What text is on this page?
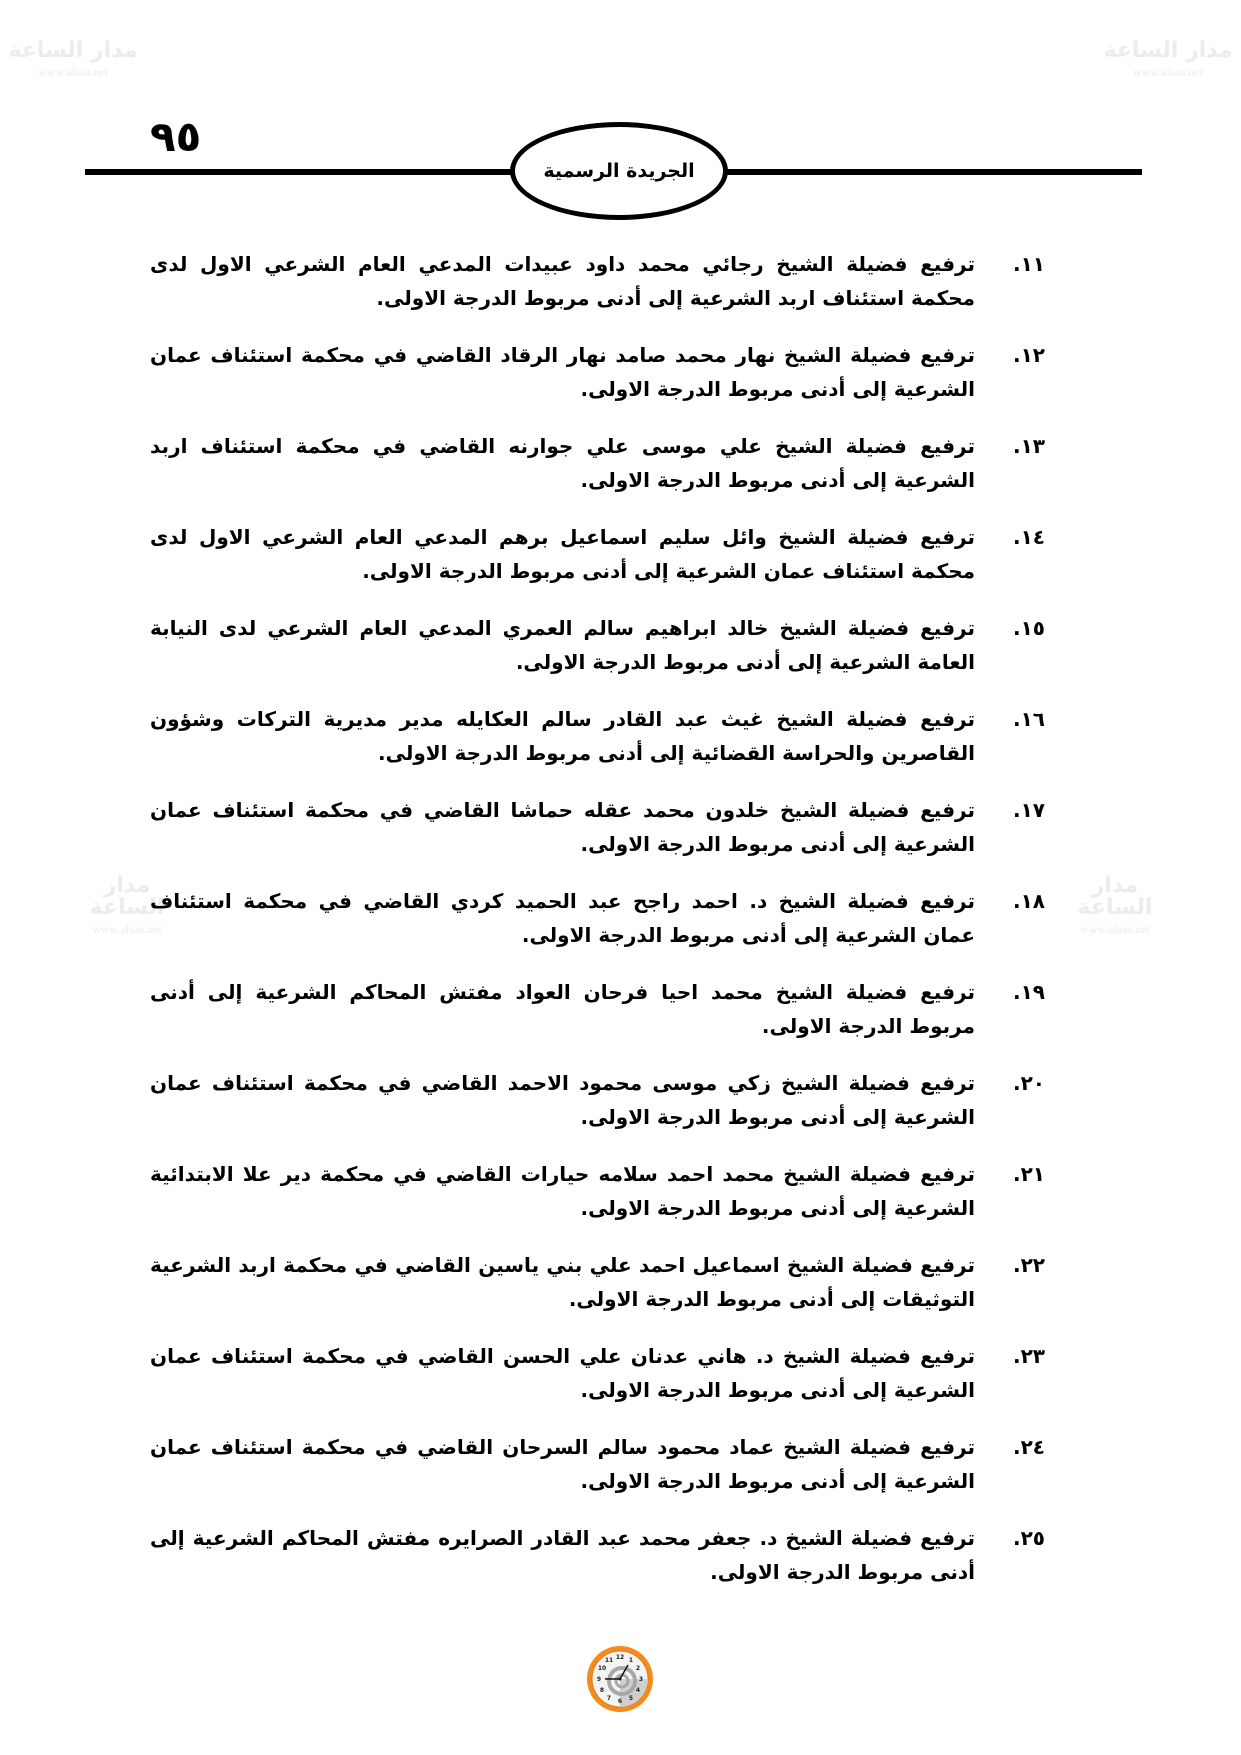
مدار الساعة
www.alsaa.net
مدار الساعة
www.alsaa.net
مدار الساعة
www.alsaa.net
مدار الساعة
www.alsaa.net
٩٥
الجريدة الرسمية
١١.
ترفيع فضيلة الشيخ رجائي محمد داود عبيدات المدعي العام الشرعي الاول لدى محكمة استئناف اربد الشرعية إلى أدنى مربوط الدرجة الاولى.
١٢.
ترفيع فضيلة الشيخ نهار محمد صامد نهار الرقاد القاضي في محكمة استئناف عمان الشرعية إلى أدنى مربوط الدرجة الاولى.
١٣.
ترفيع فضيلة الشيخ علي موسى علي جوارنه القاضي في محكمة استئناف اربد الشرعية إلى أدنى مربوط الدرجة الاولى.
١٤.
ترفيع فضيلة الشيخ وائل سليم اسماعيل برهم المدعي العام الشرعي الاول لدى محكمة استئناف عمان الشرعية إلى أدنى مربوط الدرجة الاولى.
١٥.
ترفيع فضيلة الشيخ خالد ابراهيم سالم العمري المدعي العام الشرعي لدى النيابة العامة الشرعية إلى أدنى مربوط الدرجة الاولى.
١٦.
ترفيع فضيلة الشيخ غيث عبد القادر سالم العكايله مدير مديرية التركات وشؤون القاصرين والحراسة القضائية إلى أدنى مربوط الدرجة الاولى.
١٧.
ترفيع فضيلة الشيخ خلدون محمد عقله حماشا القاضي في محكمة استئناف عمان الشرعية إلى أدنى مربوط الدرجة الاولى.
١٨.
ترفيع فضيلة الشيخ د. احمد راجح عبد الحميد كردي القاضي في محكمة استئناف عمان الشرعية إلى أدنى مربوط الدرجة الاولى.
١٩.
ترفيع فضيلة الشيخ محمد احيا فرحان العواد مفتش المحاكم الشرعية إلى أدنى مربوط الدرجة الاولى.
٢٠.
ترفيع فضيلة الشيخ زكي موسى محمود الاحمد القاضي في محكمة استئناف عمان الشرعية إلى أدنى مربوط الدرجة الاولى.
٢١.
ترفيع فضيلة الشيخ محمد احمد سلامه حيارات القاضي في محكمة دير علا الابتدائية الشرعية إلى أدنى مربوط الدرجة الاولى.
٢٢.
ترفيع فضيلة الشيخ اسماعيل احمد علي بني ياسين القاضي في محكمة اربد الشرعية التوثيقات إلى أدنى مربوط الدرجة الاولى.
٢٣.
ترفيع فضيلة الشيخ د. هاني عدنان علي الحسن القاضي في محكمة استئناف عمان الشرعية إلى أدنى مربوط الدرجة الاولى.
٢٤.
ترفيع فضيلة الشيخ عماد محمود سالم السرحان القاضي في محكمة استئناف عمان الشرعية إلى أدنى مربوط الدرجة الاولى.
٢٥.
ترفيع فضيلة الشيخ د. جعفر محمد عبد القادر الصرايره مفتش المحاكم الشرعية إلى أدنى مربوط الدرجة الاولى.
12 1
2
3
4
5
6
7
8
9
10
11
